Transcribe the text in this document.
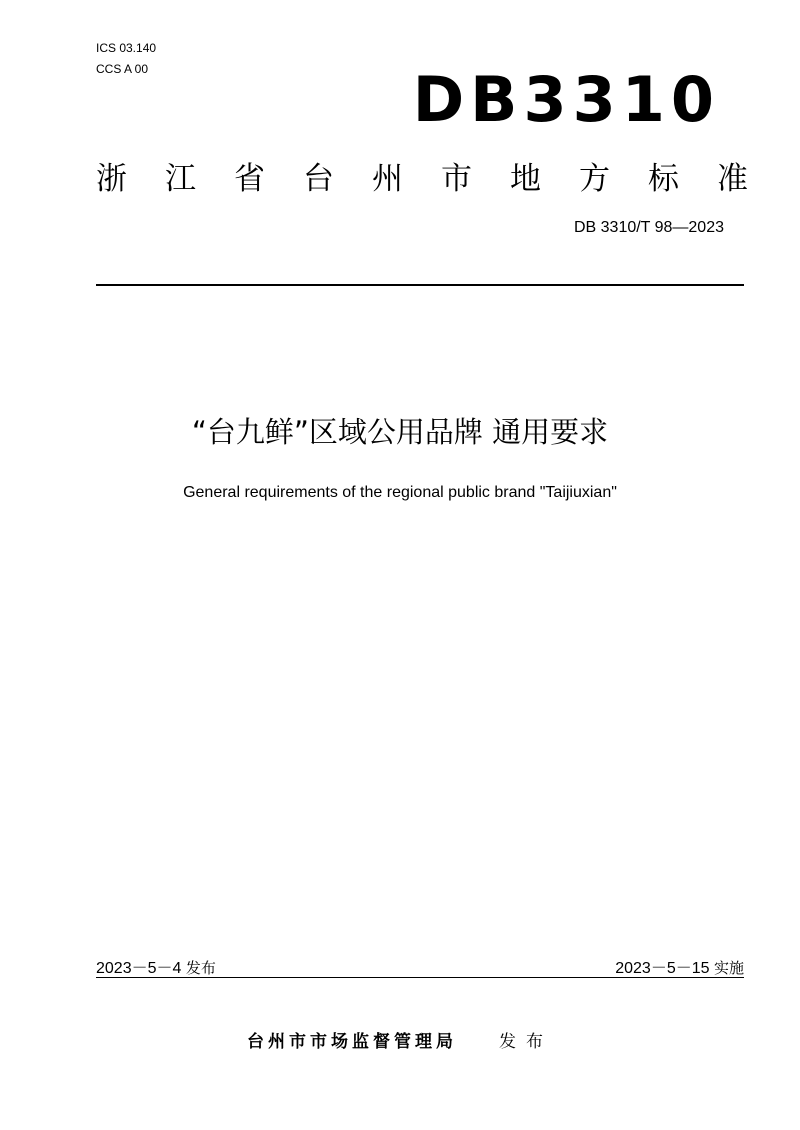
ICS 03.140
CCS A 00	DB3310
浙 江 省 台 州 市 地 方 标 准
DB 3310/T 98—2023
“台九鲜”区域公用品牌 通用要求
General requirements of the regional public brand "Taijiuxian"
2023－5－4 发布	2023－5－15 实施
台州市市场监督管理局 发布
